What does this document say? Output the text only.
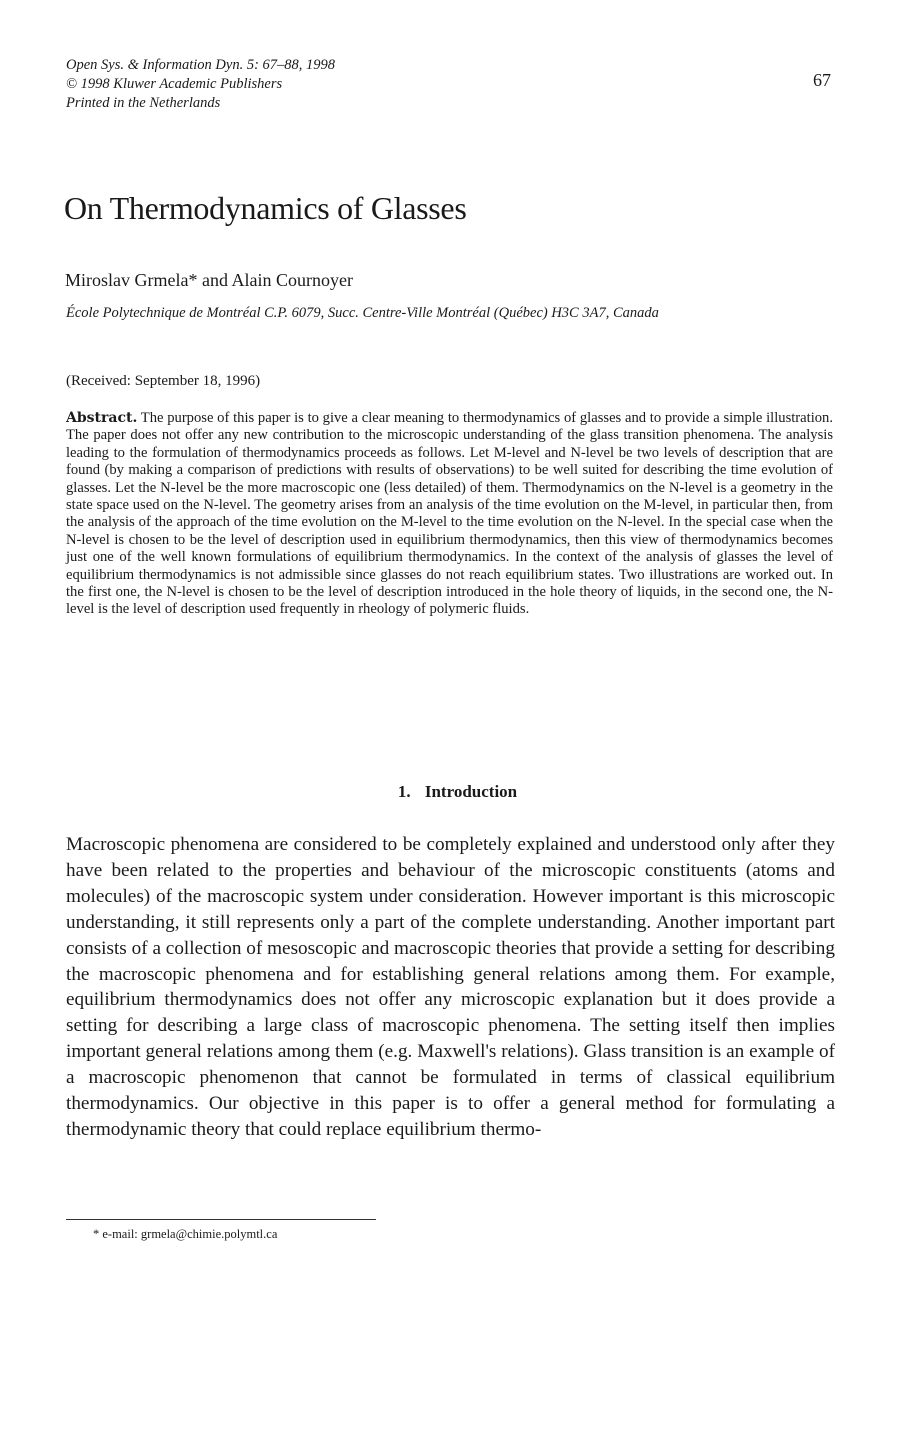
Open Sys. & Information Dyn. 5: 67–88, 1998
© 1998 Kluwer Academic Publishers
Printed in the Netherlands
67
On Thermodynamics of Glasses
Miroslav Grmela* and Alain Cournoyer
École Polytechnique de Montréal C.P. 6079, Succ. Centre-Ville Montréal (Québec) H3C 3A7, Canada
(Received: September 18, 1996)
Abstract. The purpose of this paper is to give a clear meaning to thermodynamics of glasses and to provide a simple illustration. The paper does not offer any new contribution to the microscopic understanding of the glass transition phenomena. The analysis leading to the formulation of thermodynamics proceeds as follows. Let M-level and N-level be two levels of description that are found (by making a comparison of predictions with results of observations) to be well suited for describing the time evolution of glasses. Let the N-level be the more macroscopic one (less detailed) of them. Thermodynamics on the N-level is a geometry in the state space used on the N-level. The geometry arises from an analysis of the time evolution on the M-level, in particular then, from the analysis of the approach of the time evolution on the M-level to the time evolution on the N-level. In the special case when the N-level is chosen to be the level of description used in equilibrium thermodynamics, then this view of thermodynamics becomes just one of the well known formulations of equilibrium thermodynamics. In the context of the analysis of glasses the level of equilibrium thermodynamics is not admissible since glasses do not reach equilibrium states. Two illustrations are worked out. In the first one, the N-level is chosen to be the level of description introduced in the hole theory of liquids, in the second one, the N-level is the level of description used frequently in rheology of polymeric fluids.
1. Introduction
Macroscopic phenomena are considered to be completely explained and understood only after they have been related to the properties and behaviour of the microscopic constituents (atoms and molecules) of the macroscopic system under consideration. However important is this microscopic understanding, it still represents only a part of the complete understanding. Another important part consists of a collection of mesoscopic and macroscopic theories that provide a setting for describing the macroscopic phenomena and for establishing general relations among them. For example, equilibrium thermodynamics does not offer any microscopic explanation but it does provide a setting for describing a large class of macroscopic phenomena. The setting itself then implies important general relations among them (e.g. Maxwell's relations). Glass transition is an example of a macroscopic phenomenon that cannot be formulated in terms of classical equilibrium thermodynamics. Our objective in this paper is to offer a general method for formulating a thermodynamic theory that could replace equilibrium thermo-
* e-mail: grmela@chimie.polymtl.ca
